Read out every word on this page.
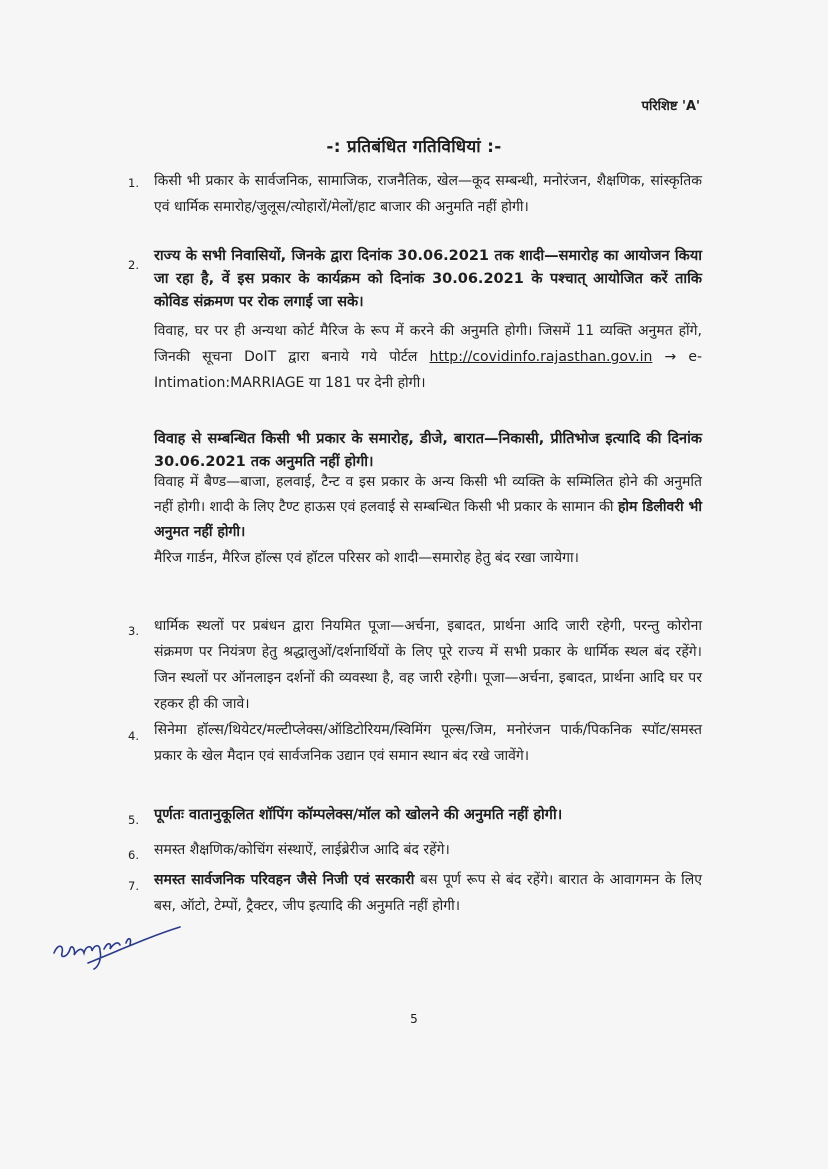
परिशिष्ट 'A'
-: प्रतिबंधित गतिविधियां :-
1. किसी भी प्रकार के सार्वजनिक, सामाजिक, राजनैतिक, खेल—कूद सम्बन्धी, मनोरंजन, शैक्षणिक, सांस्कृतिक एवं धार्मिक समारोह/जुलूस/त्योहारों/मेलों/हाट बाजार की अनुमति नहीं होगी।
2.
राज्य के सभी निवासियों, जिनके द्वारा दिनांक 30.06.2021 तक शादी—समारोह का आयोजन किया जा रहा है, वें इस प्रकार के कार्यक्रम को दिनांक 30.06.2021 के पश्चात् आयोजित करें ताकि कोविड संक्रमण पर रोक लगाई जा सके।
विवाह, घर पर ही अन्यथा कोर्ट मैरिज के रूप में करने की अनुमति होगी। जिसमें 11 व्यक्ति अनुमत होंगे, जिनकी सूचना DoIT द्वारा बनाये गये पोर्टल http://covidinfo.rajasthan.gov.in → e-Intimation:MARRIAGE या 181 पर देनी होगी।
विवाह से सम्बन्धित किसी भी प्रकार के समारोह, डीजे, बारात—निकासी, प्रीतिभोज इत्यादि की दिनांक 30.06.2021 तक अनुमति नहीं होगी।
विवाह में बैण्ड—बाजा, हलवाई, टैन्ट व इस प्रकार के अन्य किसी भी व्यक्ति के सम्मिलित होने की अनुमति नहीं होगी। शादी के लिए टैण्ट हाऊस एवं हलवाई से सम्बन्धित किसी भी प्रकार के सामान की होम डिलीवरी भी अनुमत नहीं होगी।
मैरिज गार्डन, मैरिज हॉल्स एवं हॉटल परिसर को शादी—समारोह हेतु बंद रखा जायेगा।
3. धार्मिक स्थलों पर प्रबंधन द्वारा नियमित पूजा—अर्चना, इबादत, प्रार्थना आदि जारी रहेगी, परन्तु कोरोना संक्रमण पर नियंत्रण हेतु श्रद्धालुओं/दर्शनार्थियों के लिए पूरे राज्य में सभी प्रकार के धार्मिक स्थल बंद रहेंगे। जिन स्थलों पर ऑनलाइन दर्शनों की व्यवस्था है, वह जारी रहेगी। पूजा—अर्चना, इबादत, प्रार्थना आदि घर पर रहकर ही की जावे।
4. सिनेमा हॉल्स/थियेटर/मल्टीप्लेक्स/ऑडिटोरियम/स्विमिंग पूल्स/जिम, मनोरंजन पार्क/पिकनिक स्पॉट/समस्त प्रकार के खेल मैदान एवं सार्वजनिक उद्यान एवं समान स्थान बंद रखे जावेंगे।
5. पूर्णतः वातानुकूलित शॉपिंग कॉम्पलेक्स/मॉल को खोलने की अनुमति नहीं होगी।
6. समस्त शैक्षणिक/कोचिंग संस्थाऐं, लाईब्रेरीज आदि बंद रहेंगे।
7. समस्त सार्वजनिक परिवहन जैसे निजी एवं सरकारी बस पूर्ण रूप से बंद रहेंगे। बारात के आवागमन के लिए बस, ऑटो, टेम्पों, ट्रैक्टर, जीप इत्यादि की अनुमति नहीं होगी।
5
